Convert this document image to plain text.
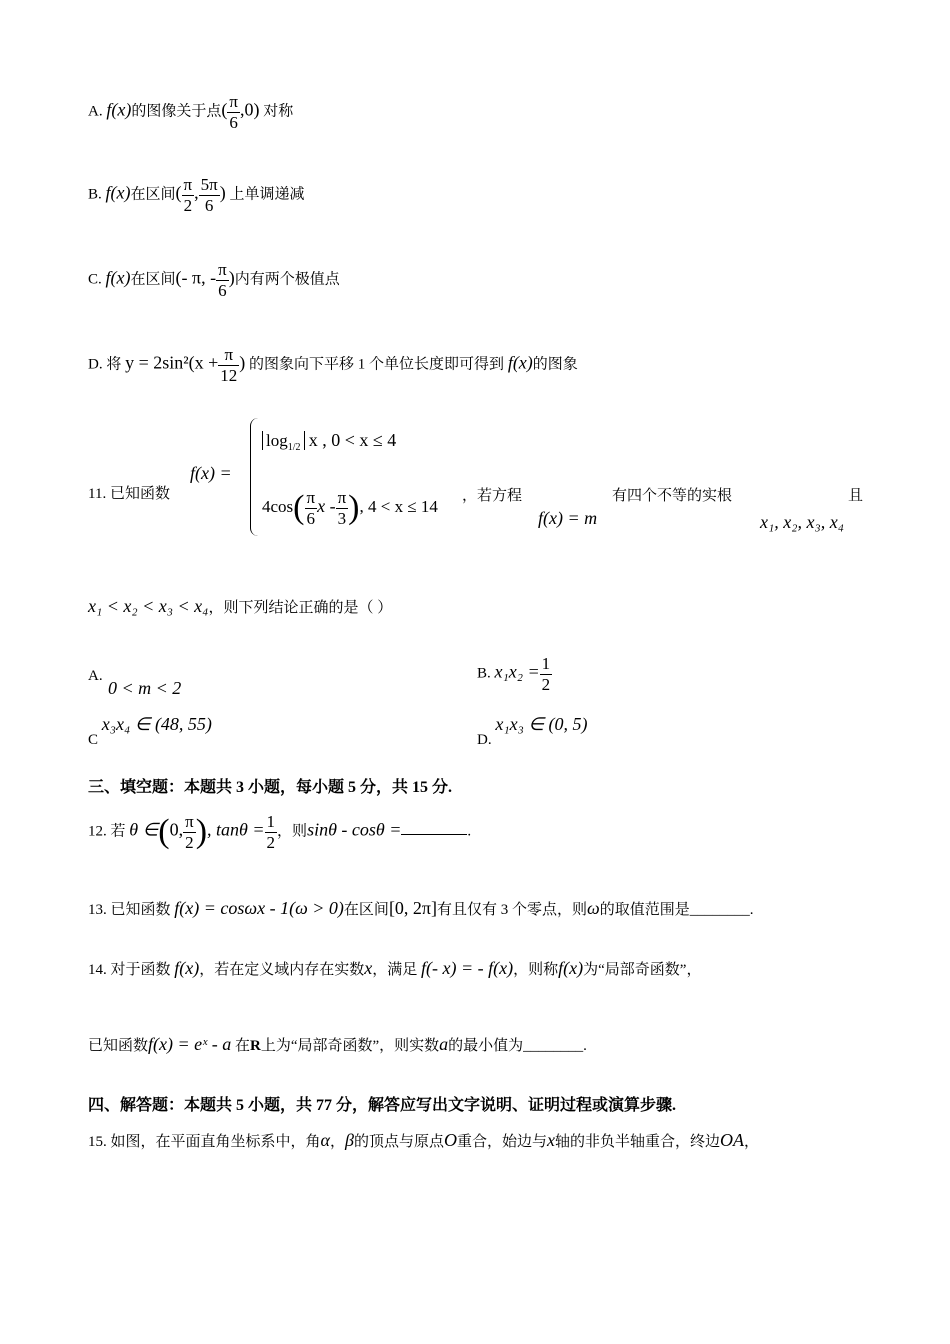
A. f(x)的图像关于点( $\frac{\pi}{6} ,0$) 对称
B. f(x)在区间( $\frac{\pi}{2}$ , $\frac{5\pi}{6}$ ) 上单调递减
C. f(x)在区间(- π, - $\frac{\pi}{6}$ )内有两个极值点
D. 将 $y = 2\sin^2(x + \frac{\pi}{12}$ ) 的图象向下平移 1 个单位长度即可得到 f(x)的图象
11. 已知函数
f(x) =
$\log_{1/2} x$ , 0 < x ≤ 4
$4\cos( \frac{\pi}{6}$ x - $\frac{\pi}{3}$ ), 4 < x ≤ 14
，若方程
f(x) = m
有四个不等的实根
x₁, x₂, x₃, x₄
且
x₁ < x₂ < x₃ < x₄，则下列结论正确的是（ ）
A.
0 < m < 2
B. $x_1x_2 = \frac{1}{2}$
C x₃x₄ ∈ (48, 55)
D. x₁x₃ ∈ (0, 5)
三、填空题：本题共 3 小题，每小题 5 分，共 15 分.
12. 若 θ ∈(0, $\frac{\pi}{2}$ ), $\tan\theta = \frac{1}{2}$ ，则sinθ - cosθ =	.
13. 已知函数 f(x) = cosωx - 1(ω > 0)在区间[0, 2π]有且仅有 3 个零点，则ω的取值范围是________.
14. 对于函数 f(x)，若在定义域内存在实数x，满足 f(- x) = - f(x)，则称f(x)为“局部奇函数”，
已知函数f(x) = eˣ - a 在R上为“局部奇函数”，则实数a的最小值为________.
四、解答题：本题共 5 小题，共 77 分，解答应写出文字说明、证明过程或演算步骤.
15. 如图，在平面直角坐标系中，角α，β的顶点与原点O重合，始边与x轴的非负半轴重合，终边OA，
